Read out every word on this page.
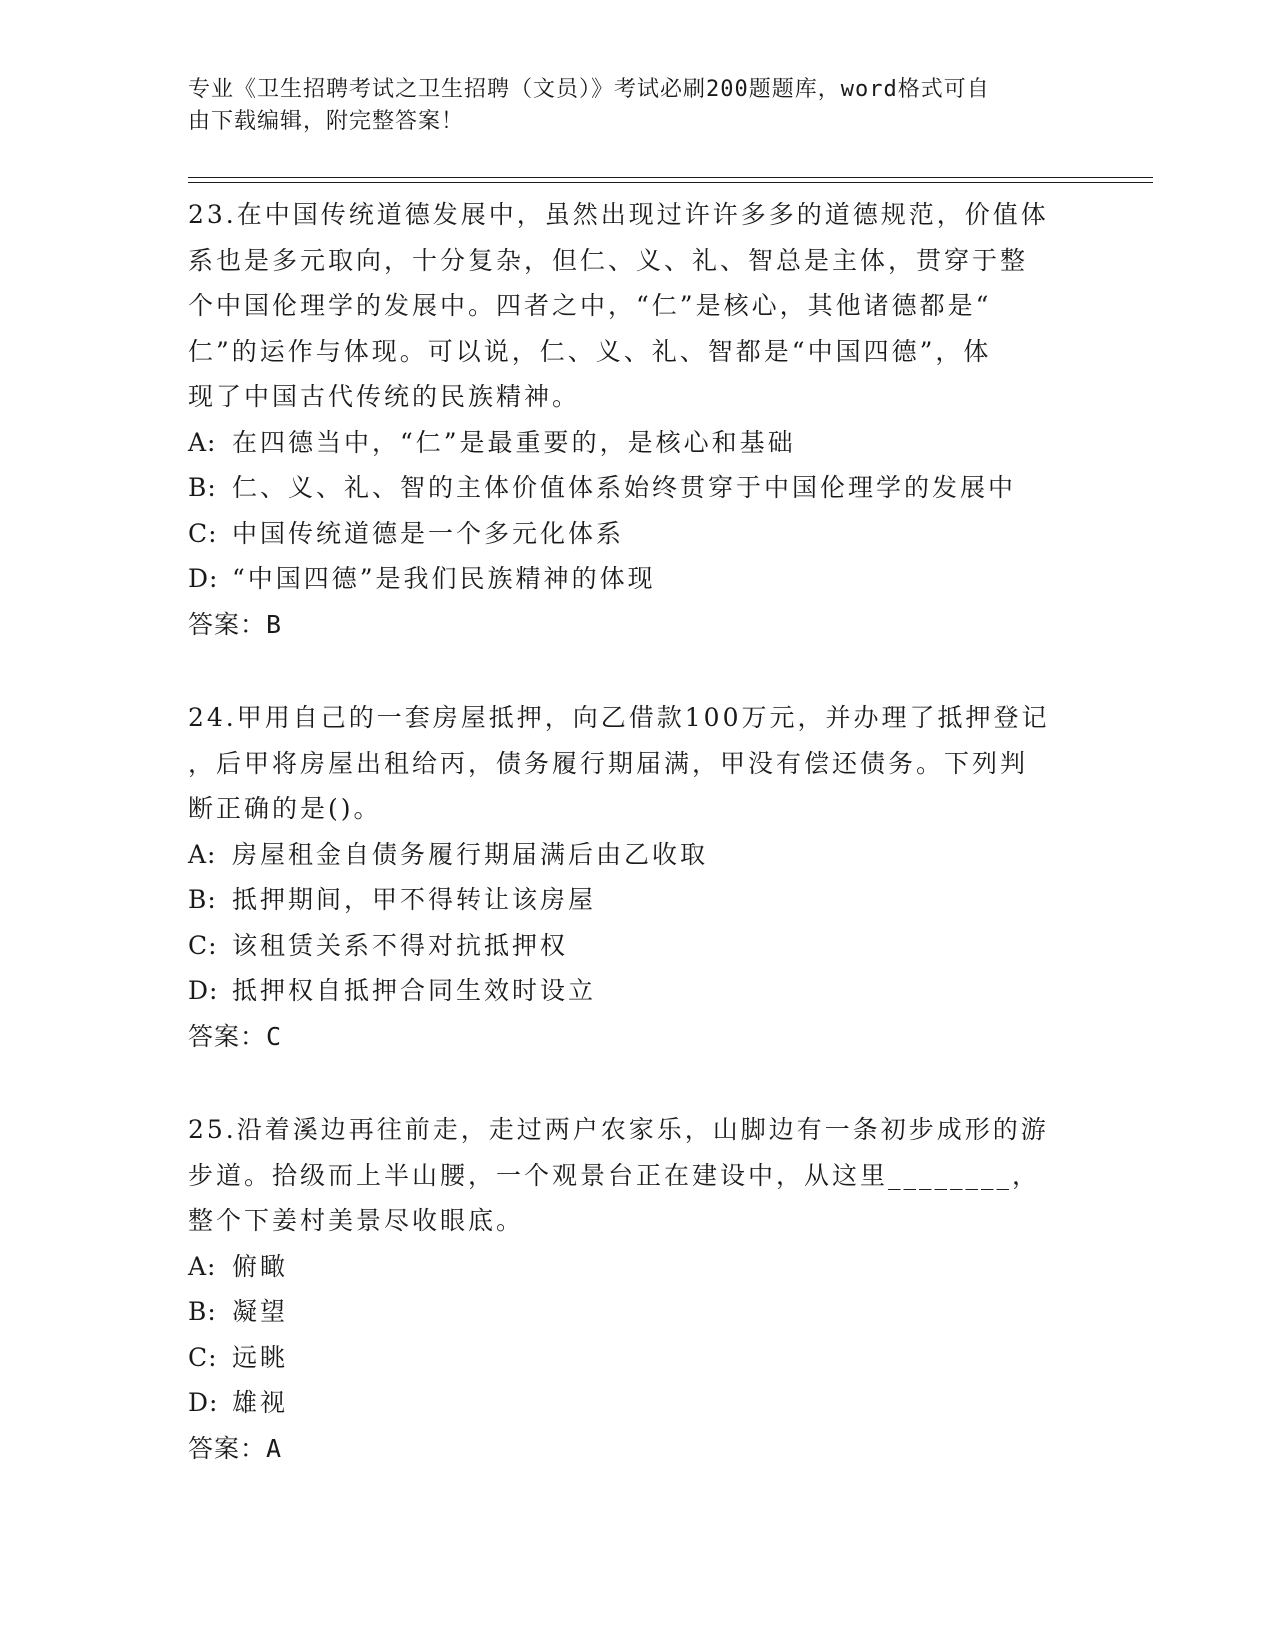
专业《卫生招聘考试之卫生招聘（文员）》考试必刷200题题库，word格式可自
由下载编辑，附完整答案！
23.在中国传统道德发展中，虽然出现过许许多多的道德规范，价值体
系也是多元取向，十分复杂，但仁、义、礼、智总是主体，贯穿于整
个中国伦理学的发展中。四者之中，“仁”是核心，其他诸德都是“
仁”的运作与体现。可以说，仁、义、礼、智都是“中国四德”，体
现了中国古代传统的民族精神。
A: 在四德当中，“仁”是最重要的，是核心和基础
B: 仁、义、礼、智的主体价值体系始终贯穿于中国伦理学的发展中
C: 中国传统道德是一个多元化体系
D: “中国四德”是我们民族精神的体现
答案：B
24.甲用自己的一套房屋抵押，向乙借款100万元，并办理了抵押登记
，后甲将房屋出租给丙，债务履行期届满，甲没有偿还债务。下列判
断正确的是()。
A: 房屋租金自债务履行期届满后由乙收取
B: 抵押期间，甲不得转让该房屋
C: 该租赁关系不得对抗抵押权
D: 抵押权自抵押合同生效时设立
答案：C
25.沿着溪边再往前走，走过两户农家乐，山脚边有一条初步成形的游
步道。拾级而上半山腰，一个观景台正在建设中，从这里________，
整个下姜村美景尽收眼底。
A: 俯瞰
B: 凝望
C: 远眺
D: 雄视
答案：A
